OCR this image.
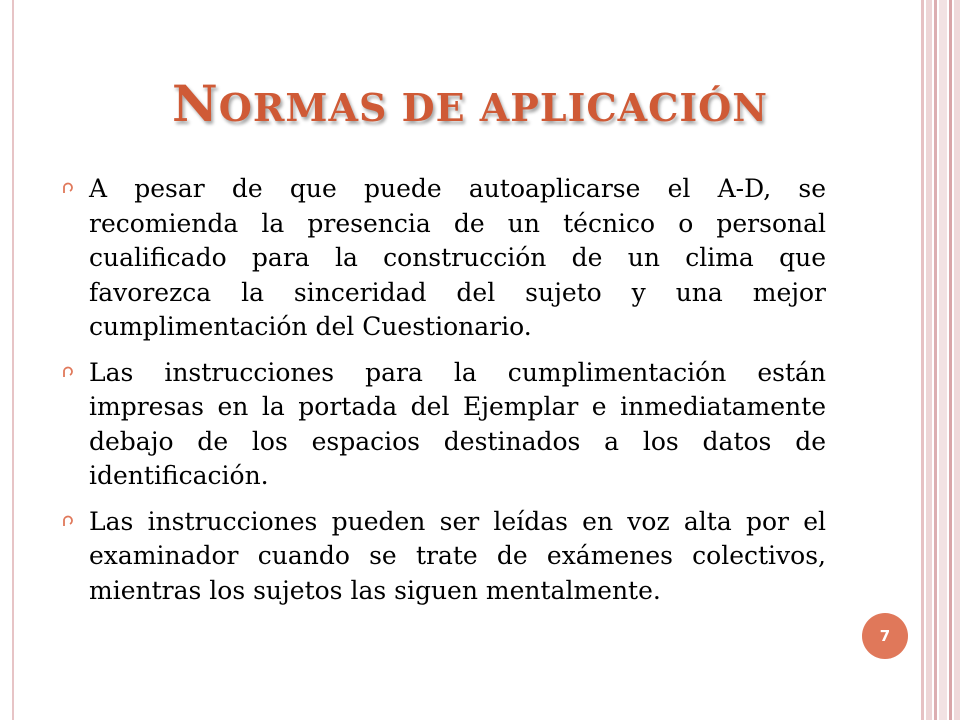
NORMAS DE APLICACIÓN
A pesar de que puede autoaplicarse el A-D, se recomienda la presencia de un técnico o personal cualificado para la construcción de un clima que favorezca la sinceridad del sujeto y una mejor cumplimentación del Cuestionario.
Las instrucciones para la cumplimentación están impresas en la portada del Ejemplar e inmediatamente debajo de los espacios destinados a los datos de identificación.
Las instrucciones pueden ser leídas en voz alta por el examinador cuando se trate de exámenes colectivos, mientras los sujetos las siguen mentalmente.
7
